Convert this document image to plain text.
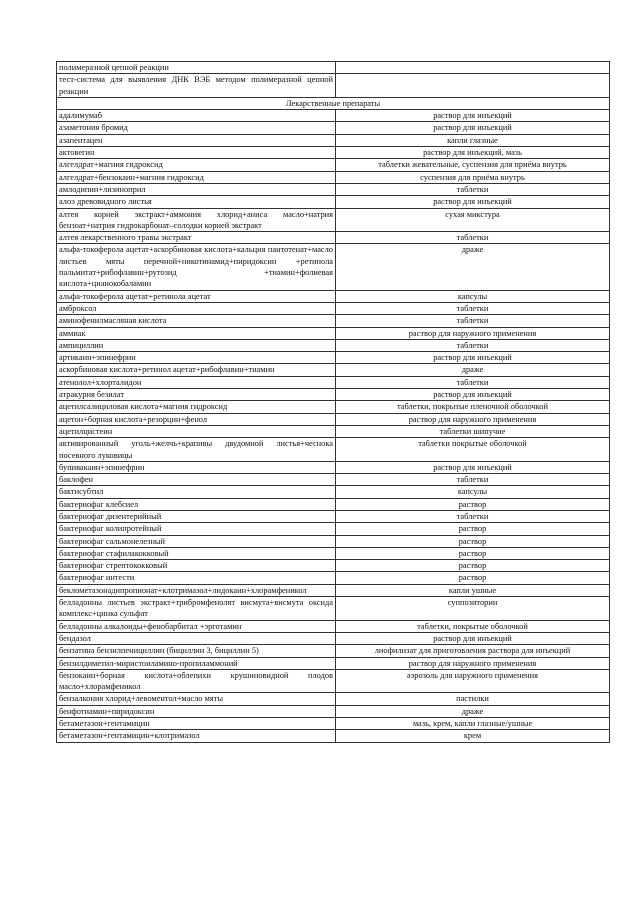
полимеразной цепной реакции	
тест-система для выявления ДНК ВЭБ методом полимеразной цепной реакции	
Лекарственные препараты	
адалимумаб	раствор для инъекций
азаметония бромид	раствор для инъекций
азапентацен	капли глазные
актовегин	раствор для инъекций, мазь
алгелдрат+магния гидроксид	таблетки жевательные, суспензия для приёма внутрь
алгелдрат+бензокаин+магния гидроксид	суспензия для приёма внутрь
амлодипин+лизиноприл	таблетки
алоэ древовидного листья	раствор для инъекций
алтея корней экстракт+аммония хлорид+аниса масло+натрия бензоат+натрия гидрокарбонат–солодки корней экстракт	сухая микстура
алтея лекарственного травы экстракт	таблетки
альфа-токоферола ацетат+аскорбиновая кислота+кальция пантотенат+масло листьев мяты перечной+никотинамид+пиридоксин +ретинола пальмитат+рибофлавин+рутозид +тиамин+фолиевая кислота+цианокобаламин	драже
альфа-токоферола ацетат+ретинола ацетат	капсулы
амброксол	таблетки
аминофенилмасляная кислота	таблетки
аммиак	раствор для наружного применения
ампициллин	таблетки
артикаин+эпинефрин	раствор для инъекций
аскорбиновая кислота+ретинол ацетат+рибофлавин+тиамин	драже
атенолол+хлорталидон	таблетки
атракурия безилат	раствор для инъекций
ацетилсалициловая кислота+магния гидроксид	таблетки, покрытые пленочной оболочкой
ацетон+борная кислота+резорцин+фенол	раствор для наружного применения
ацетилцистеин	таблетки шипучие
активированный уголь+желчь+крапивы двудомной листья+чеснока посевного луковицы	таблетки покрытые оболочкой
бупивакаин+эпинефрин	раствор для инъекций
баклофен	таблетки
бактисубтил	капсулы
бактериофаг клебсиел	раствор
бактериофаг дизентерийный	таблетки
бактериофаг колипротейный	раствор
бактериофаг сальмонелезный	раствор
бактериофаг стафилакокковый	раствор
бактериофаг стрептококковый	раствор
бактериофаг интести	раствор
беклометазонадипропионат+клотримазол+лидокаин+хлорамфеникол	капли ушные
белладонны листьев экстракт+трибромфенолят висмута+висмута оксида комплекс+цинка сульфат	суппозитории
белладонны алкалоиды+фенобарбитал +эрготамин	таблетки, покрытые оболочкой
бендазол	раствор для инъекций
бензатина бензилпенициллин (бициллин 3, бициллин 5)	лиофилизат для приготовления раствора для инъекций
бензилдиметил-миристоиламино-пропиламмоний	раствор для наружного применения
бензокаин+борная кислота+облепихи крушиновидной плодов масло+хлорамфеникол	аэрозоль для наружного применения
бензалкония хлорид+левоментол+масло мяты	пастилки
бенфотиамин+пиридоксин	драже
бетаметазон+гентамицин	мазь, крем, капли глазные/ушные
бетаметазон+гентамицин+клотримазол	крем
